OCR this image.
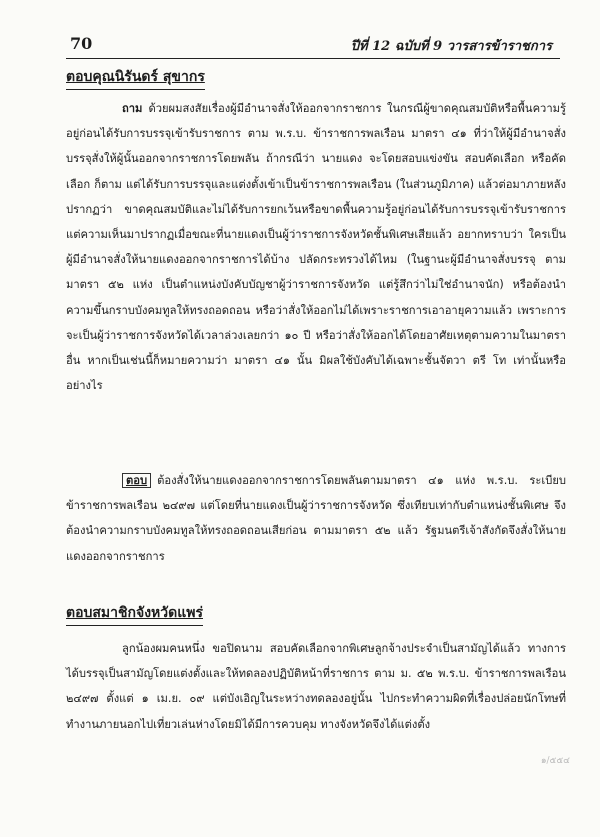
70	ปีที่ 12 ฉบับที่ 9 วารสารข้าราชการ
ตอบคุณนิรันดร์ สุขากร

ถาม ด้วยผมสงสัยเรื่องผู้มีอำนาจสั่งให้ออกจากราชการ ในกรณีผู้ขาดคุณสมบัติหรือพื้นความรู้อยู่ก่อนได้รับการบรรจุเข้ารับราชการ ตาม พ.ร.บ. ข้าราชการพลเรือน มาตรา ๔๑ ที่ว่าให้ผู้มีอำนาจสั่งบรรจุสั่งให้ผู้นั้นออกจากราชการโดยพลัน ถ้ากรณีว่า นายแดง จะโดยสอบแข่งขัน สอบคัดเลือก หรือคัดเลือก ก็ตาม แต่ได้รับการบรรจุและแต่งตั้งเข้าเป็นข้าราชการพลเรือน (ในส่วนภูมิภาค) แล้วต่อมาภายหลังปรากฏว่า ขาดคุณสมบัติและไม่ได้รับการยกเว้นหรือขาดพื้นความรู้อยู่ก่อนได้รับการบรรจุเข้ารับราชการ แต่ความเห็นมาปรากฏเมื่อขณะที่นายแดงเป็นผู้ว่าราชการจังหวัดชั้นพิเศษเสียแล้ว อยากทราบว่า ใครเป็นผู้มีอำนาจสั่งให้นายแดงออกจากราชการได้บ้าง ปลัดกระทรวงได้ไหม (ในฐานะผู้มีอำนาจสั่งบรรจุ ตามมาตรา ๕๒ แห่ง เป็นตำแหน่งบังคับบัญชาผู้ว่าราชการจังหวัด แต่รู้สึกว่าไม่ใช่อำนาจนัก) หรือต้องนำความขึ้นกราบบังคมทูลให้ทรงถอดถอน หรือว่าสั่งให้ออกไม่ได้เพราะราชการเอาอายุความแล้ว เพราะการจะเป็นผู้ว่าราชการจังหวัดได้เวลาล่วงเลยกว่า ๑๐ ปี หรือว่าสั่งให้ออกได้โดยอาศัยเหตุตามความในมาตราอื่น หากเป็นเช่นนี้ก็หมายความว่า มาตรา ๔๑ นั้น มิผลใช้บังคับได้เฉพาะชั้นจัตวา ตรี โท เท่านั้นหรืออย่างไร

ตอบ ต้องสั่งให้นายแดงออกจากราชการโดยพลันตามมาตรา ๔๑ แห่ง พ.ร.บ. ระเบียบข้าราชการพลเรือน ๒๔๙๗ แต่โดยที่นายแดงเป็นผู้ว่าราชการจังหวัด ซึ่งเทียบเท่ากับตำแหน่งชั้นพิเศษ จึงต้องนำความกราบบังคมทูลให้ทรงถอดถอนเสียก่อน ตามมาตรา ๕๒ แล้ว รัฐมนตรีเจ้าสังกัดจึงสั่งให้นายแดงออกจากราชการ

ตอบสมาชิกจังหวัดแพร่

ลูกน้องผมคนหนึ่ง ขอปิดนาม สอบคัดเลือกจากพิเศษลูกจ้างประจำเป็นสามัญได้แล้ว ทางการได้บรรจุเป็นสามัญโดยแต่งตั้งและให้ทดลองปฏิบัติหน้าที่ราชการ ตาม ม. ๕๒ พ.ร.บ. ข้าราชการพลเรือน ๒๔๙๗ ตั้งแต่ ๑ เม.ย. ๐๙ แต่บังเอิญในระหว่างทดลองอยู่นั้น ไปกระทำความผิดที่เรื่องปล่อยนักโทษที่ทำงานภายนอกไปเที่ยวเล่นห่างโดยมิได้มีการควบคุม ทางจังหวัดจึงได้แต่งตั้ง

๑/๕๕๔
